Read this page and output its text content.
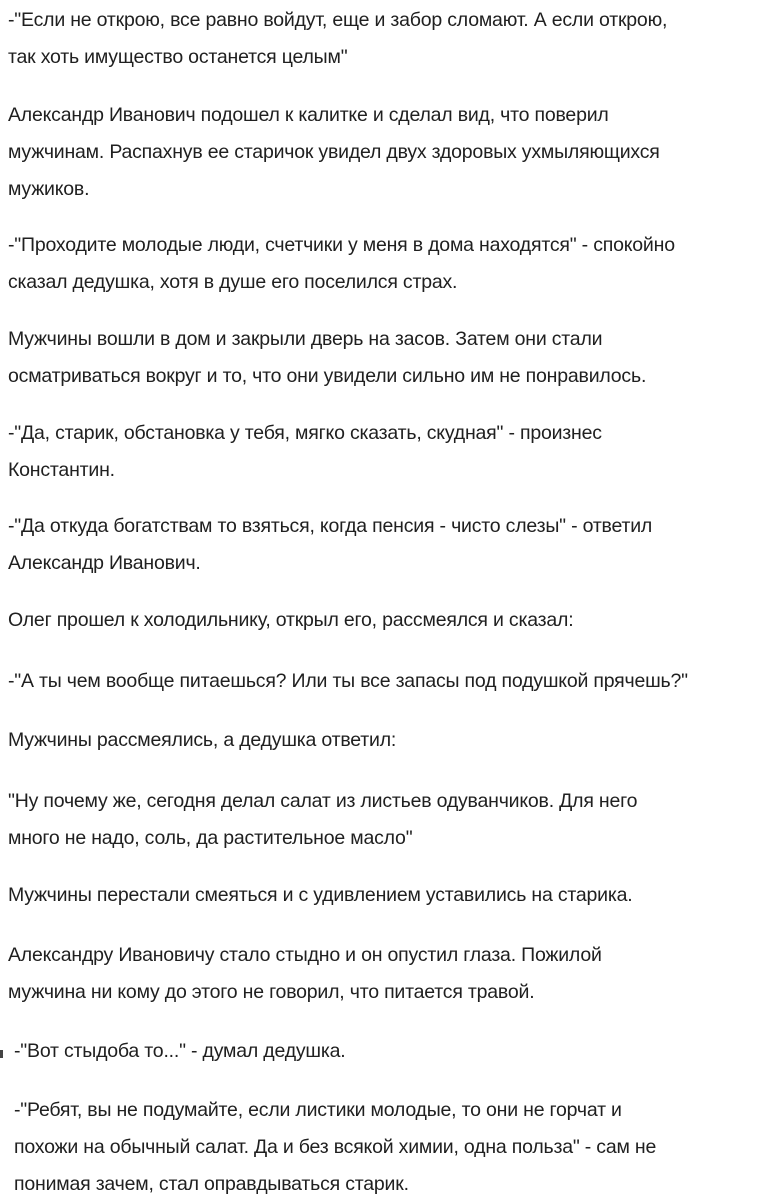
-"Если не открою, все равно войдут, еще и забор сломают. А если открою,
так хоть имущество останется целым"

Александр Иванович подошел к калитке и сделал вид, что поверил
мужчинам. Распахнув ее старичок увидел двух здоровых ухмыляющихся
мужиков.

-"Проходите молодые люди, счетчики у меня в дома находятся" - спокойно
сказал дедушка, хотя в душе его поселился страх.

Мужчины вошли в дом и закрыли дверь на засов. Затем они стали
осматриваться вокруг и то, что они увидели сильно им не понравилось.

-"Да, старик, обстановка у тебя, мягко сказать, скудная" - произнес
Константин.

-"Да откуда богатствам то взяться, когда пенсия - чисто слезы" - ответил
Александр Иванович.

Олег прошел к холодильнику, открыл его, рассмеялся и сказал:

-"А ты чем вообще питаешься? Или ты все запасы под подушкой прячешь?"

Мужчины рассмеялись, а дедушка ответил:

"Ну почему же, сегодня делал салат из листьев одуванчиков. Для него
много не надо, соль, да растительное масло"

Мужчины перестали смеяться и с удивлением уставились на старика.

Александру Ивановичу стало стыдно и он опустил глаза. Пожилой
мужчина ни кому до этого не говорил, что питается травой.

-"Вот стыдоба то..." - думал дедушка.

-"Ребят, вы не подумайте, если листики молодые, то они не горчат и
похожи на обычный салат. Да и без всякой химии, одна польза" - сам не
понимая зачем, стал оправдываться старик.
